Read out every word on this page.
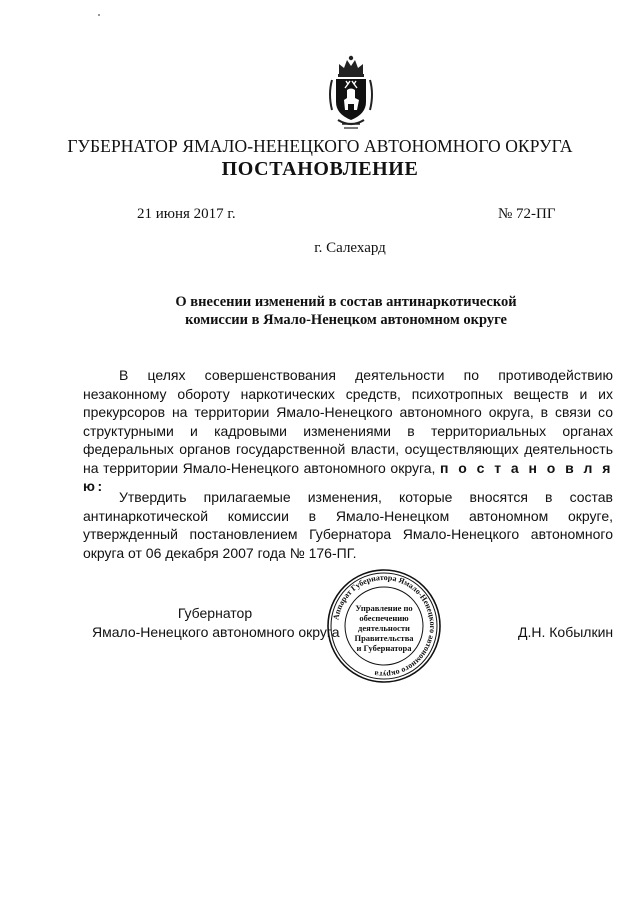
ГУБЕРНАТОР ЯМАЛО-НЕНЕЦКОГО АВТОНОМНОГО ОКРУГА
ПОСТАНОВЛЕНИЕ
21 июня 2017 г.	№ 72-ПГ
г. Салехард
О внесении изменений в состав антинаркотической
комиссии в Ямало-Ненецком автономном округе
В целях совершенствования деятельности по противодействию незаконному обороту наркотических средств, психотропных веществ и их прекурсоров на территории Ямало-Ненецкого автономного округа, в связи со структурными и кадровыми изменениями в территориальных органах федеральных органов государственной власти, осуществляющих деятельность на территории Ямало-Ненецкого автономного округа, п о с т а н о в л я ю:
Утвердить прилагаемые изменения, которые вносятся в состав антинаркотической комиссии в Ямало-Ненецком автономном округе, утвержденный постановлением Губернатора Ямало-Ненецкого автономного округа от 06 декабря 2007 года № 176-ПГ.
Губернатор
Ямало-Ненецкого автономного округа	Д.Н. Кобылкин
Аппарат Губернатора Ямало-Ненецкого автономного округа
Управление по
обеспечению
деятельности
Правительства
и Губернатора
